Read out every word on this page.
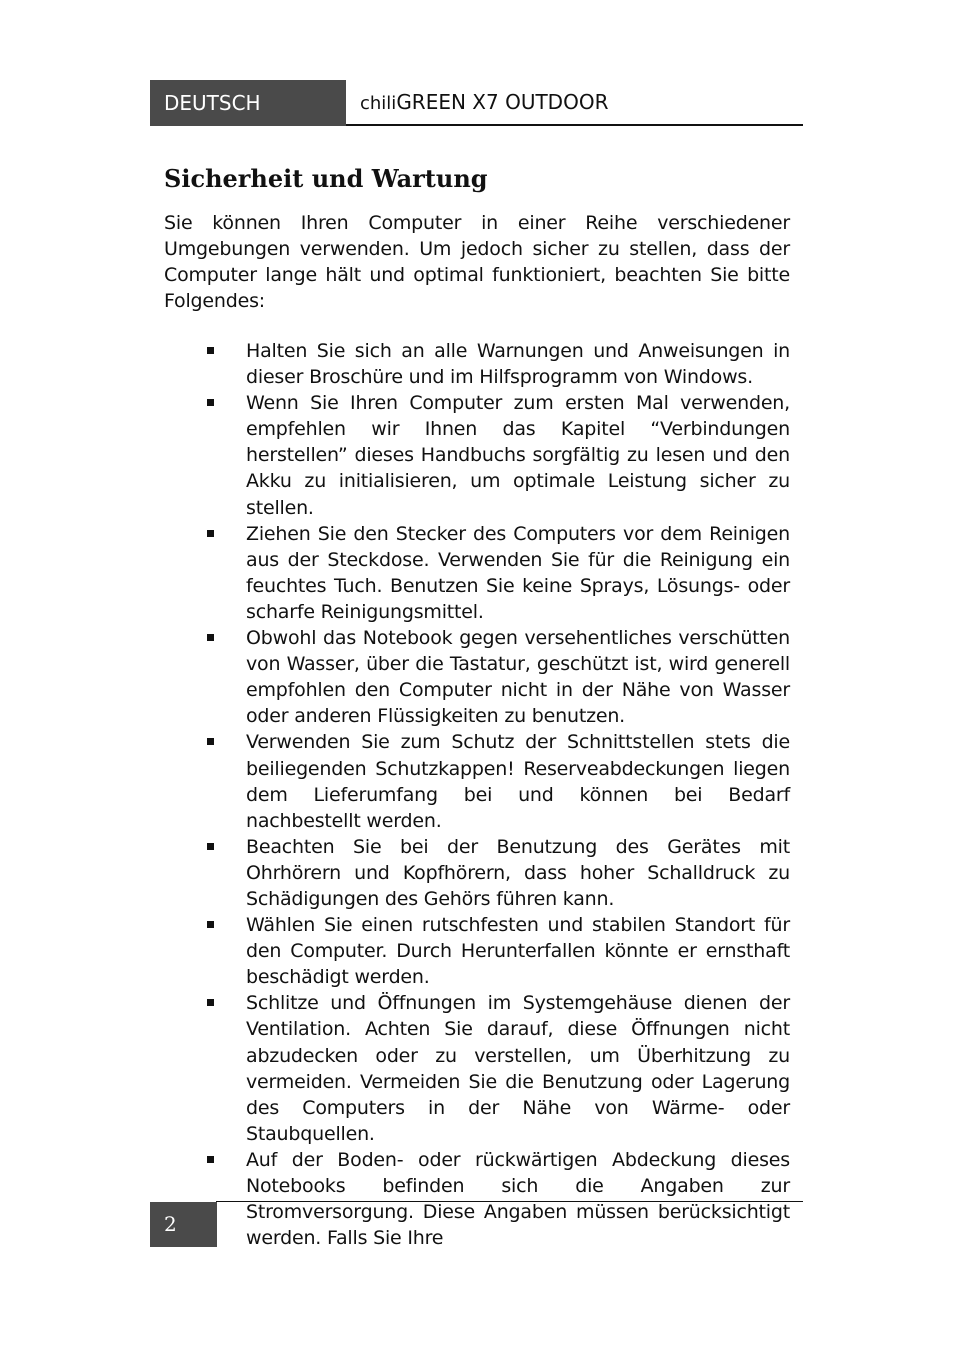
DEUTSCH	chiliGREEN X7 OUTDOOR
Sicherheit und Wartung

Sie können Ihren Computer in einer Reihe verschiedener Umgebungen verwenden. Um jedoch sicher zu stellen, dass der Computer lange hält und optimal funktioniert, beachten Sie bitte Folgendes:

Halten Sie sich an alle Warnungen und Anweisungen in dieser Broschüre und im Hilfsprogramm von Windows.
Wenn Sie Ihren Computer zum ersten Mal verwenden, empfehlen wir Ihnen das Kapitel “Verbindungen herstellen” dieses Handbuchs sorgfältig zu lesen und den Akku zu initialisieren, um optimale Leistung sicher zu stellen.
Ziehen Sie den Stecker des Computers vor dem Reinigen aus der Steckdose. Verwenden Sie für die Reinigung ein feuchtes Tuch. Benutzen Sie keine Sprays, Lösungs- oder scharfe Reinigungsmittel.
Obwohl das Notebook gegen versehentliches verschütten von Wasser, über die Tastatur, geschützt ist, wird generell empfohlen den Computer nicht in der Nähe von Wasser oder anderen Flüssigkeiten zu benutzen.
Verwenden Sie zum Schutz der Schnittstellen stets die beiliegenden Schutzkappen! Reserveabdeckungen liegen dem Lieferumfang bei und können bei Bedarf nachbestellt werden.
Beachten Sie bei der Benutzung des Gerätes mit Ohrhörern und Kopfhörern, dass hoher Schalldruck zu Schädigungen des Gehörs führen kann.
Wählen Sie einen rutschfesten und stabilen Standort für den Computer. Durch Herunterfallen könnte er ernsthaft beschädigt werden.
Schlitze und Öffnungen im Systemgehäuse dienen der Ventilation. Achten Sie darauf, diese Öffnungen nicht abzudecken oder zu verstellen, um Überhitzung zu vermeiden. Vermeiden Sie die Benutzung oder Lagerung des Computers in der Nähe von Wärme- oder Staubquellen.
Auf der Boden- oder rückwärtigen Abdeckung dieses Notebooks befinden sich die Angaben zur Stromversorgung. Diese Angaben müssen berücksichtigt werden. Falls Sie Ihre
2
